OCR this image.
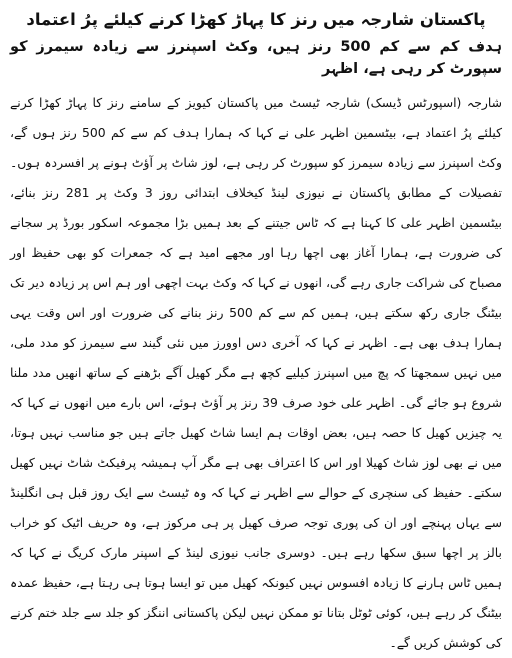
پاکستان شارجہ میں رنز کا پہاڑ کھڑا کرنے کیلئے پرُ اعتماد
ہدف کم سے کم 500 رنز ہیں، وکٹ اسپنرز سے زیادہ سیمرز کو سپورٹ کر رہی ہے، اظہر

شارجہ (اسپورٹس ڈیسک) شارجہ ٹیسٹ میں پاکستان کیویز کے سامنے رنز کا پہاڑ کھڑا کرنے کیلئے پرُ اعتماد ہے، بیٹسمین اظہر علی نے کہا کہ ہمارا ہدف کم سے کم 500 رنز ہوں گے، وکٹ اسپنرز سے زیادہ سیمرز کو سپورٹ کر رہی ہے، لوز شاٹ پر آؤٹ ہونے پر افسردہ ہوں۔ تفصیلات کے مطابق پاکستان نے نیوزی لینڈ کیخلاف ابتدائی روز 3 وکٹ پر 281 رنز بنائے، بیٹسمین اظہر علی کا کہنا ہے کہ ٹاس جیتنے کے بعد ہمیں بڑا مجموعہ اسکور بورڈ پر سجانے کی ضرورت ہے، ہمارا آغاز بھی اچھا رہا اور مجھے امید ہے کہ جمعرات کو بھی حفیظ اور مصباح کی شراکت جاری رہے گی، انھوں نے کہا کہ وکٹ بہت اچھی اور ہم اس پر زیادہ دیر تک بیٹنگ جاری رکھ سکتے ہیں، ہمیں کم سے کم 500 رنز بنانے کی ضرورت اور اس وقت یہی ہمارا ہدف بھی ہے۔ اظہر نے کہا کہ آخری دس اوورز میں نئی گیند سے سیمرز کو مدد ملی، میں نہیں سمجھتا کہ پچ میں اسپنرز کیلیے کچھ ہے مگر کھیل آگے بڑھنے کے ساتھ انھیں مدد ملنا شروع ہو جائے گی۔ اظہر علی خود صرف 39 رنز پر آؤٹ ہوئے، اس بارے میں انھوں نے کہا کہ یہ چیزیں کھیل کا حصہ ہیں، بعض اوقات ہم ایسا شاٹ کھیل جاتے ہیں جو مناسب نہیں ہوتا، میں نے بھی لوز شاٹ کھیلا اور اس کا اعتراف بھی ہے مگر آپ ہمیشہ پرفیکٹ شاٹ نہیں کھیل سکتے۔ حفیظ کی سنچری کے حوالے سے اظہر نے کہا کہ وہ ٹیسٹ سے ایک روز قبل ہی انگلینڈ سے یہاں پہنچے اور ان کی پوری توجہ صرف کھیل پر ہی مرکوز ہے، وہ حریف اٹیک کو خراب بالز پر اچھا سبق سکھا رہے ہیں۔ دوسری جانب نیوزی لینڈ کے اسپنر مارک کریگ نے کہا کہ ہمیں ٹاس ہارنے کا زیادہ افسوس نہیں کیونکہ کھیل میں تو ایسا ہوتا ہی رہتا ہے، حفیظ عمدہ بیٹنگ کر رہے ہیں، کوئی ٹوٹل بتانا تو ممکن نہیں لیکن پاکستانی اننگز کو جلد سے جلد ختم کرنے کی کوشش کریں گے۔
